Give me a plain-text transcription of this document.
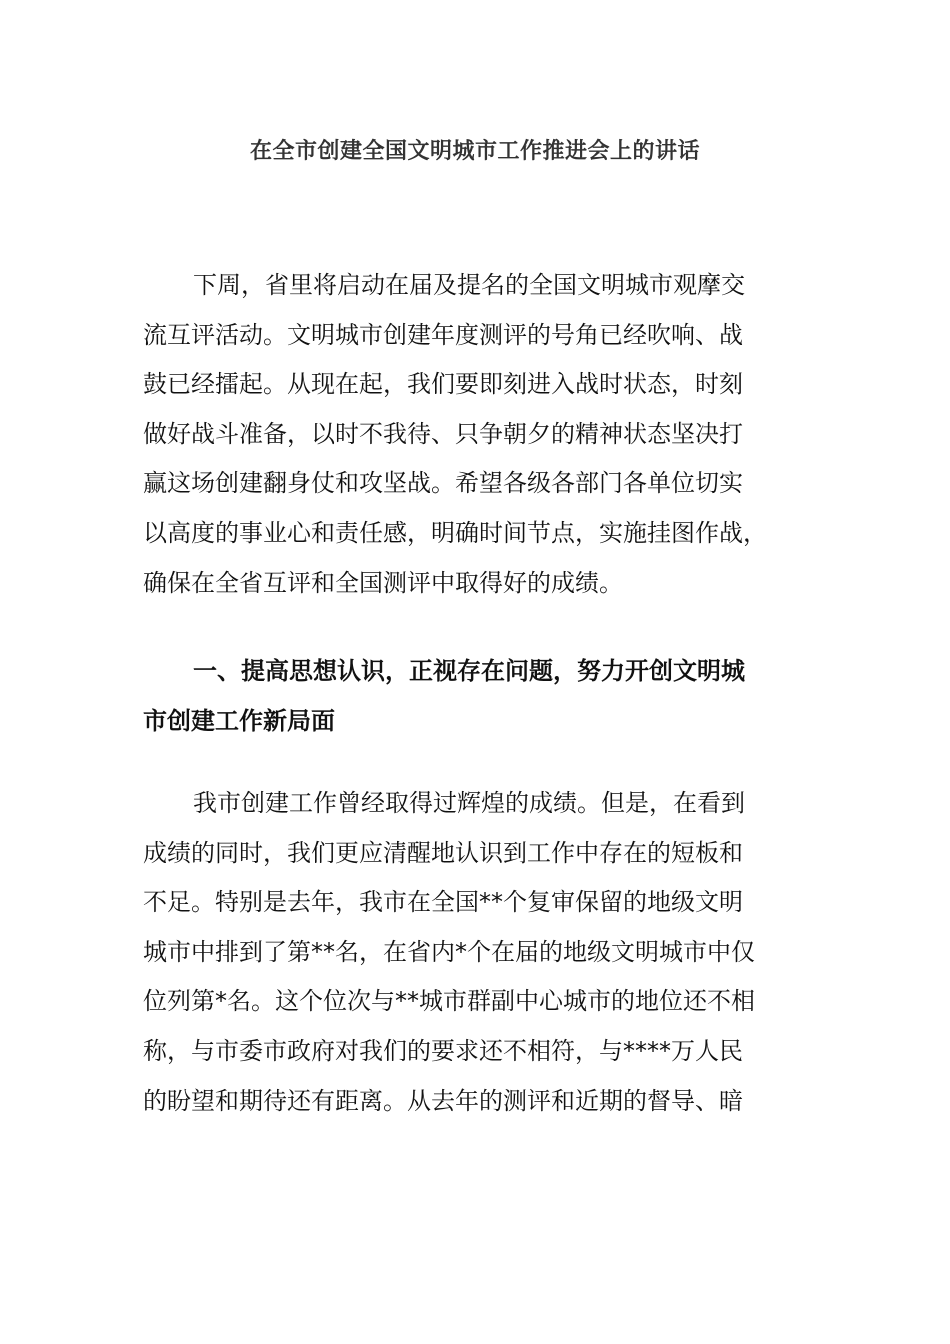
在全市创建全国文明城市工作推进会上的讲话
下周，省里将启动在届及提名的全国文明城市观摩交
流互评活动。文明城市创建年度测评的号角已经吹响、战
鼓已经擂起。从现在起，我们要即刻进入战时状态，时刻
做好战斗准备，以时不我待、只争朝夕的精神状态坚决打
赢这场创建翻身仗和攻坚战。希望各级各部门各单位切实
以高度的事业心和责任感，明确时间节点，实施挂图作战，
确保在全省互评和全国测评中取得好的成绩。
一、提高思想认识，正视存在问题，努力开创文明城
市创建工作新局面
我市创建工作曾经取得过辉煌的成绩。但是，在看到
成绩的同时，我们更应清醒地认识到工作中存在的短板和
不足。特别是去年，我市在全国**个复审保留的地级文明
城市中排到了第**名，在省内*个在届的地级文明城市中仅
位列第*名。这个位次与**城市群副中心城市的地位还不相
称，与市委市政府对我们的要求还不相符，与****万人民
的盼望和期待还有距离。从去年的测评和近期的督导、暗
